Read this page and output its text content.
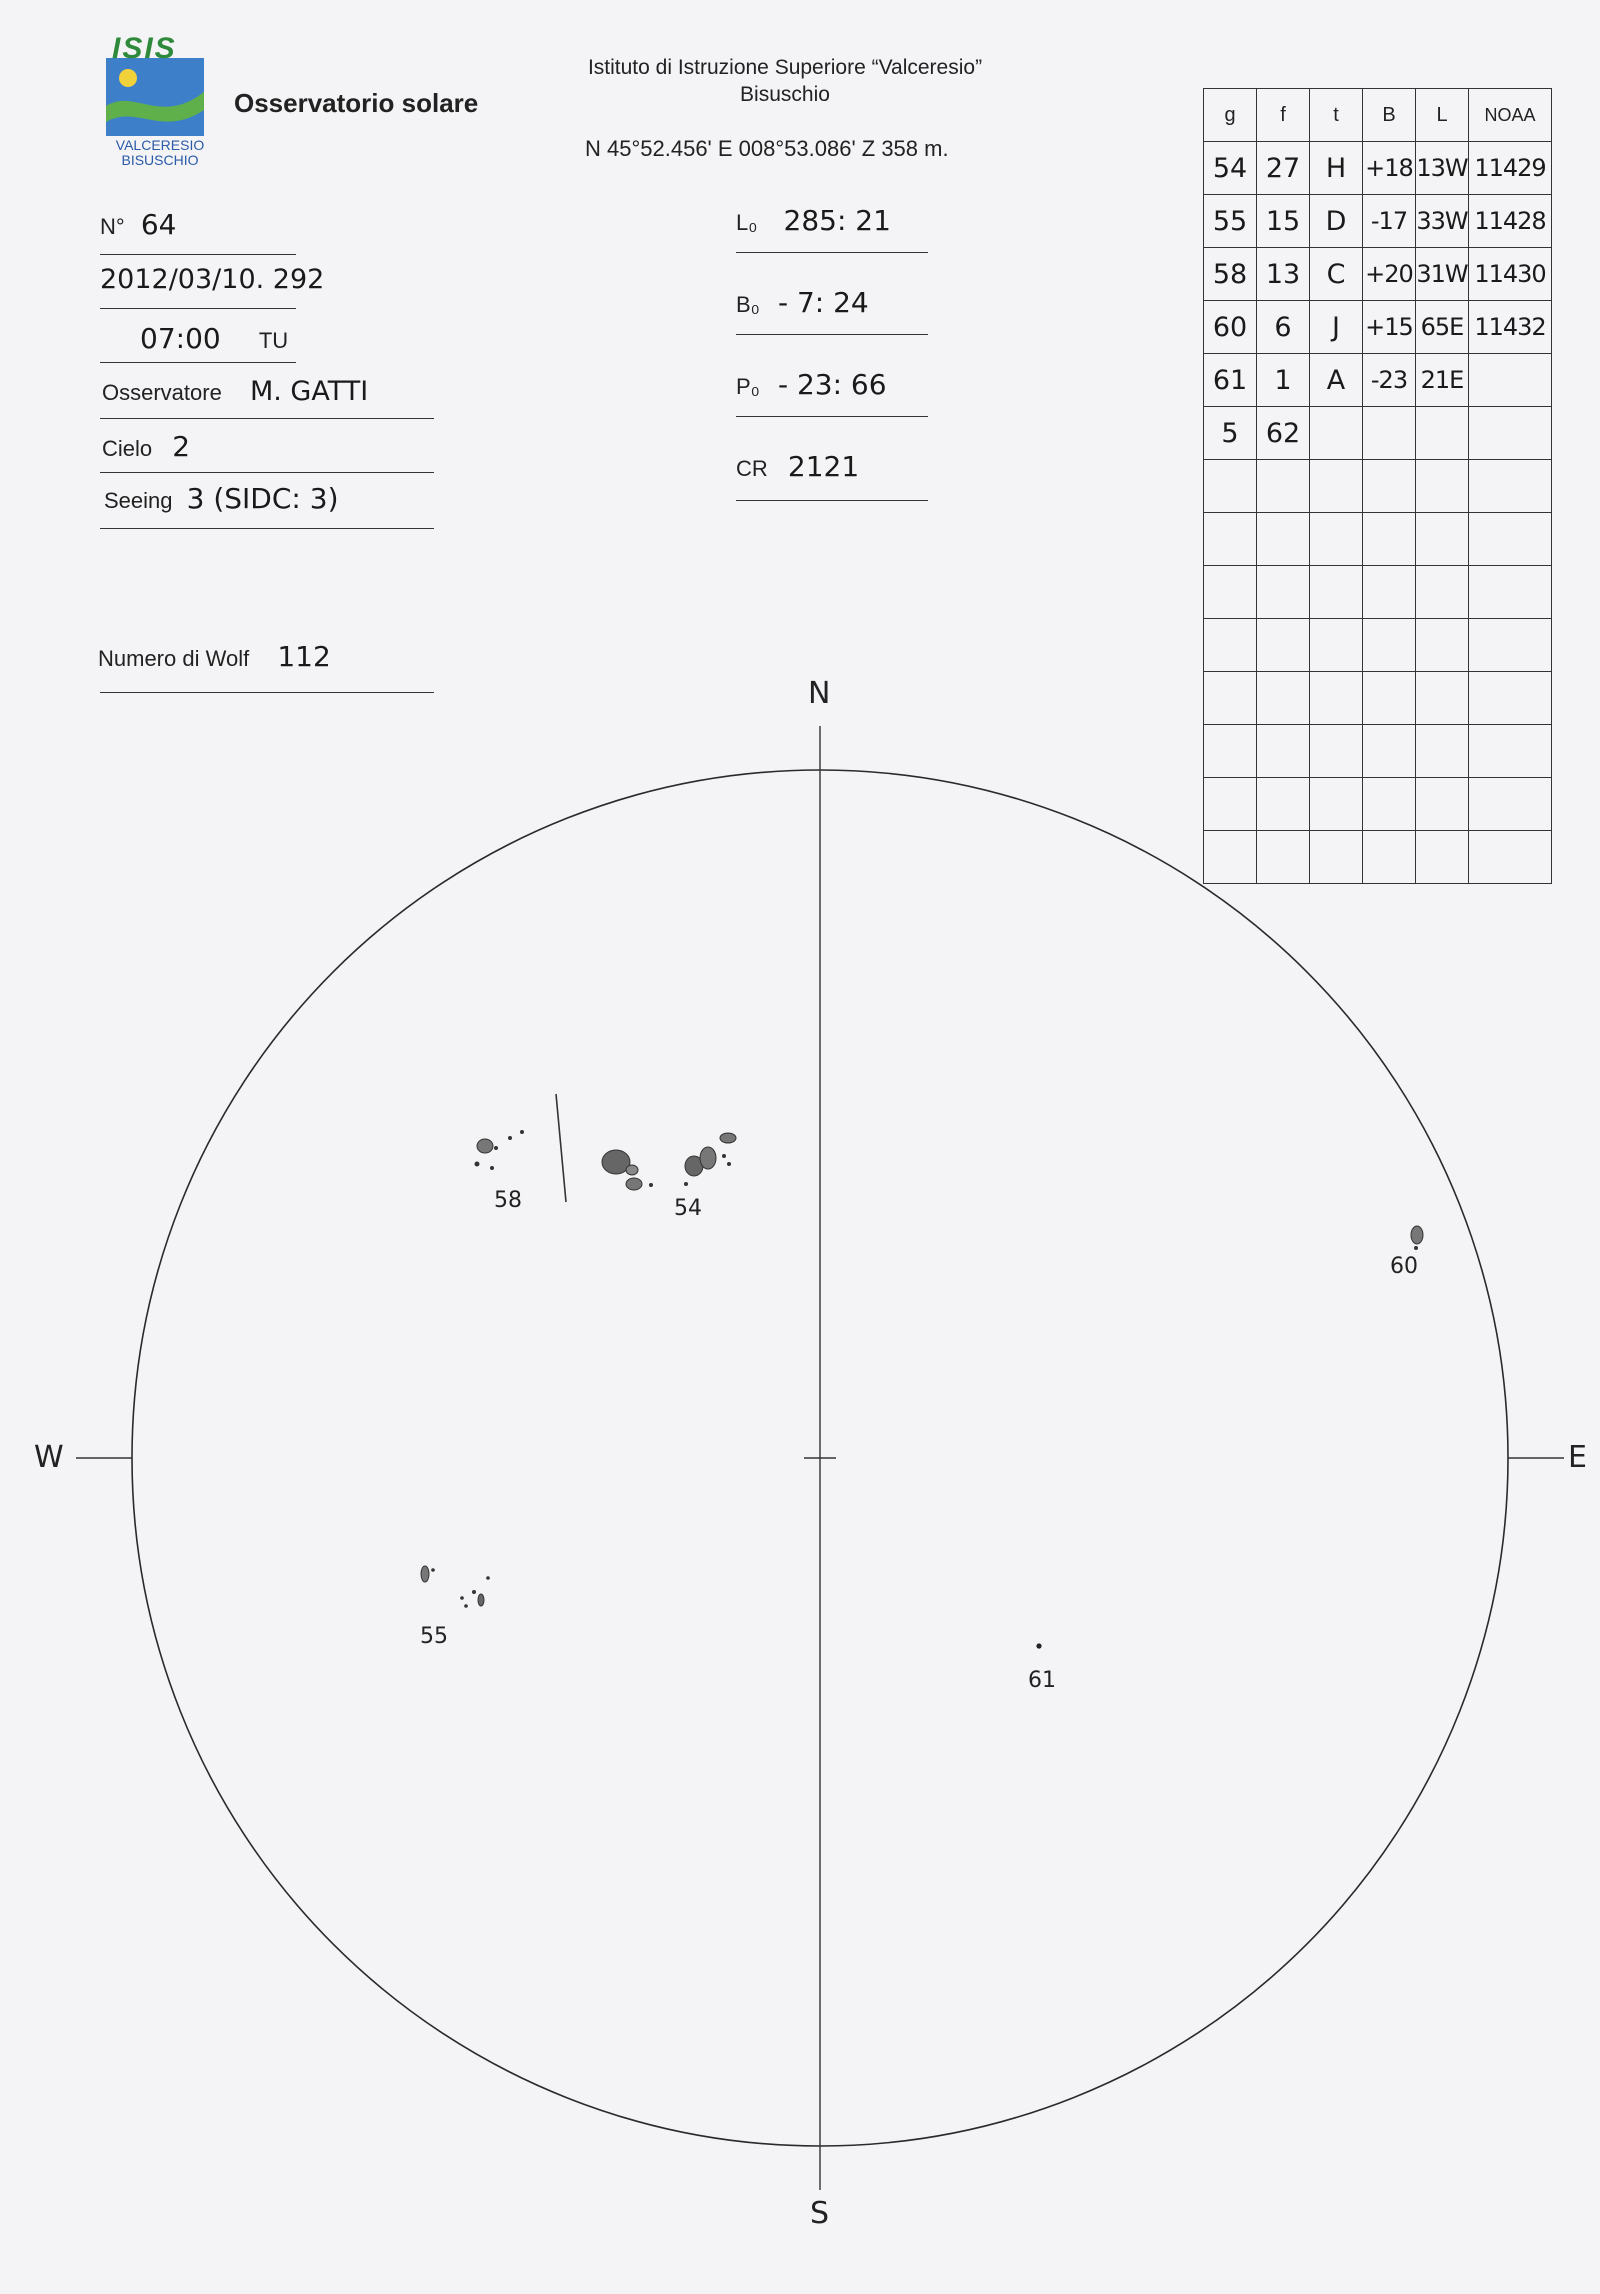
ISIS
VALCERESIO
BISUSCHIO
Osservatorio solare
Istituto di Istruzione Superiore “Valceresio”
Bisuschio
N 45°52.456' E 008°53.086' Z 358 m.
N° 64
2012/03/10. 292
07:00 TU
Osservatore M. GATTI
Cielo 2
Seeing 3 (SIDC: 3)
Numero di Wolf 112
L₀ 285: 21
B₀ - 7: 24
P₀ - 23: 66
CR 2121
g	f	t	B	L	NOAA
54	27	H	+18	13W	11429
55	15	D	-17	33W	11428
58	13	C	+20	31W	11430
60	6	J	+15	65E	11432
61	1	A	-23	21E	
5	62				

N
S
E
W
58	54
60
55
61
